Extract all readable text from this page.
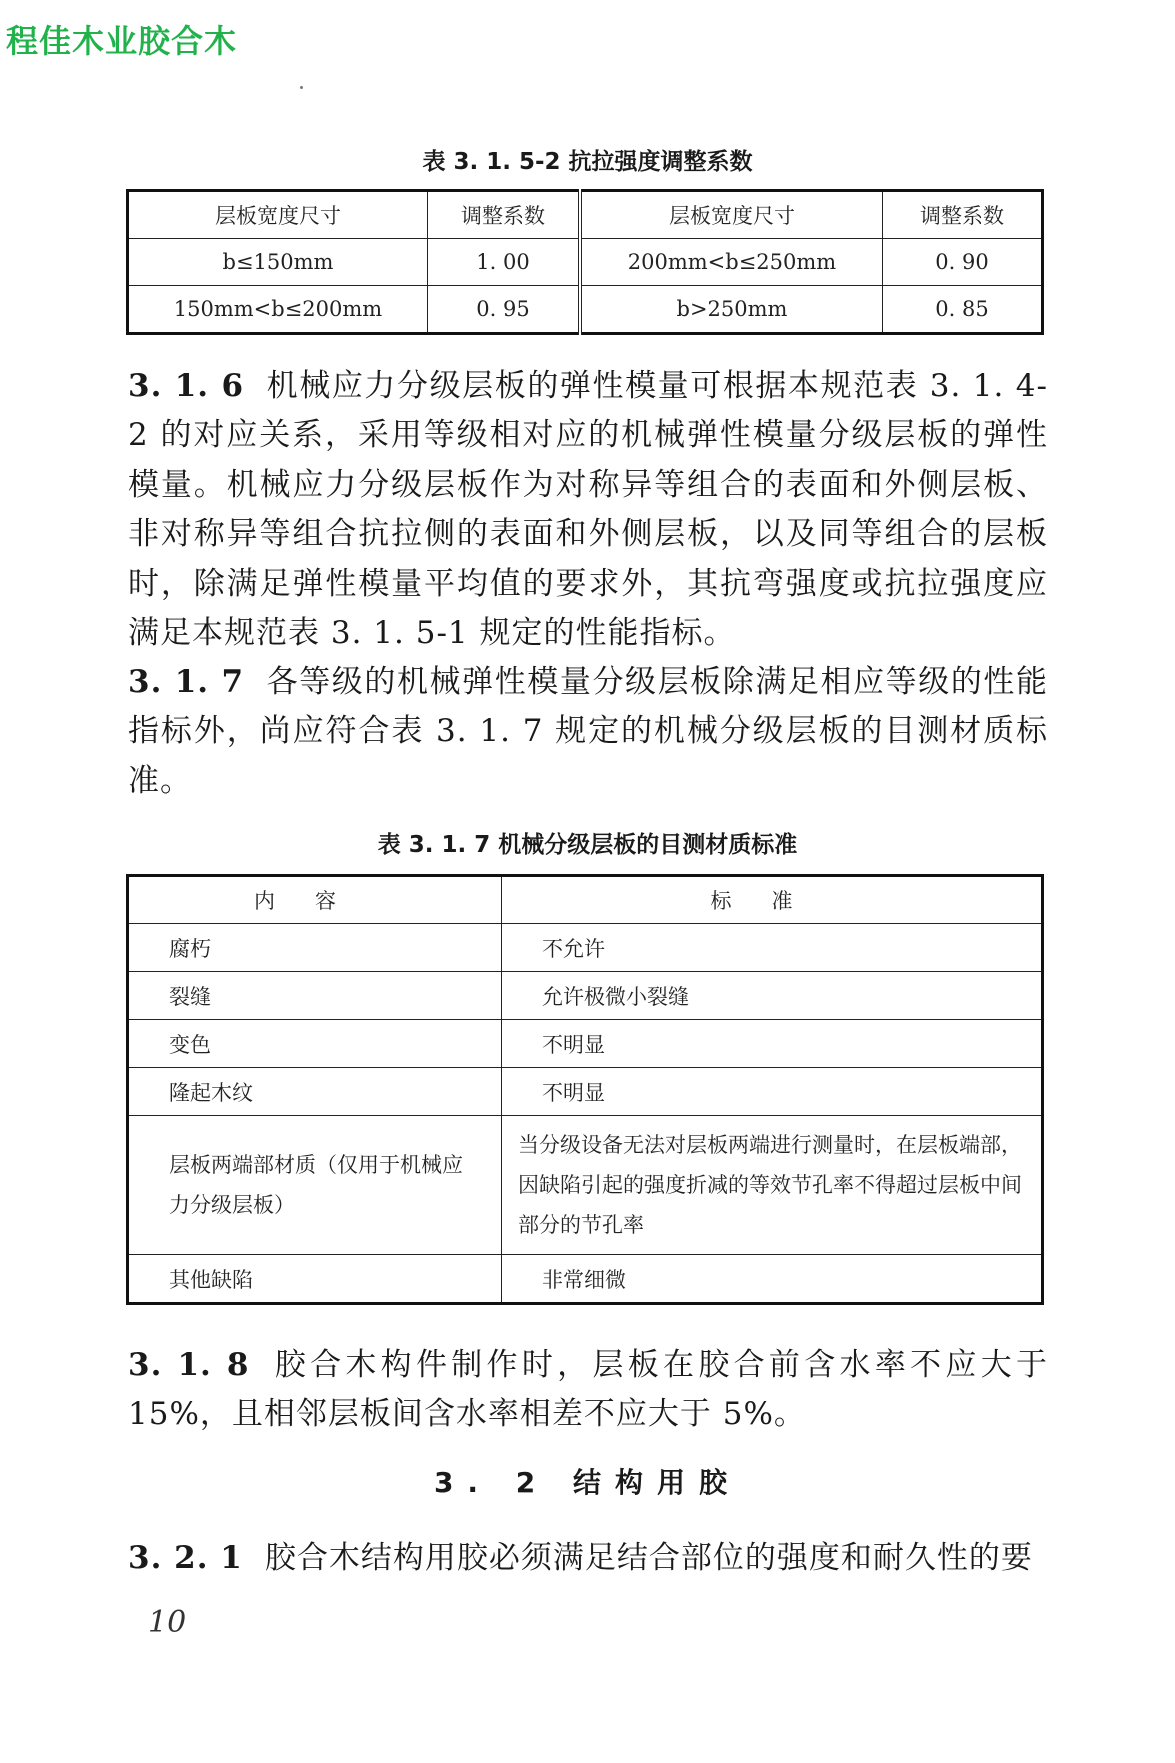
程佳木业胶合木
表 3. 1. 5-2 抗拉强度调整系数
层板宽度尺寸	调整系数	层板宽度尺寸	调整系数
b≤150mm	1. 00	200mm<b≤250mm	0. 90
150mm<b≤200mm	0. 95	b>250mm	0. 85
3. 1. 6 机械应力分级层板的弹性模量可根据本规范表 3. 1. 4-2 的对应关系，采用等级相对应的机械弹性模量分级层板的弹性模量。机械应力分级层板作为对称异等组合的表面和外侧层板、非对称异等组合抗拉侧的表面和外侧层板，以及同等组合的层板时，除满足弹性模量平均值的要求外，其抗弯强度或抗拉强度应满足本规范表 3. 1. 5-1 规定的性能指标。
3. 1. 7 各等级的机械弹性模量分级层板除满足相应等级的性能指标外，尚应符合表 3. 1. 7 规定的机械分级层板的目测材质标准。
表 3. 1. 7 机械分级层板的目测材质标准
内容	标准
腐朽	不允许
裂缝	允许极微小裂缝
变色	不明显
隆起木纹	不明显
层板两端部材质（仅用于机械应力分级层板）	当分级设备无法对层板两端进行测量时，在层板端部，因缺陷引起的强度折减的等效节孔率不得超过层板中间部分的节孔率
其他缺陷	非常细微
3. 1. 8 胶合木构件制作时，层板在胶合前含水率不应大于 15%，且相邻层板间含水率相差不应大于 5%。
3. 2 结构用胶
3. 2. 1 胶合木结构用胶必须满足结合部位的强度和耐久性的要
10
